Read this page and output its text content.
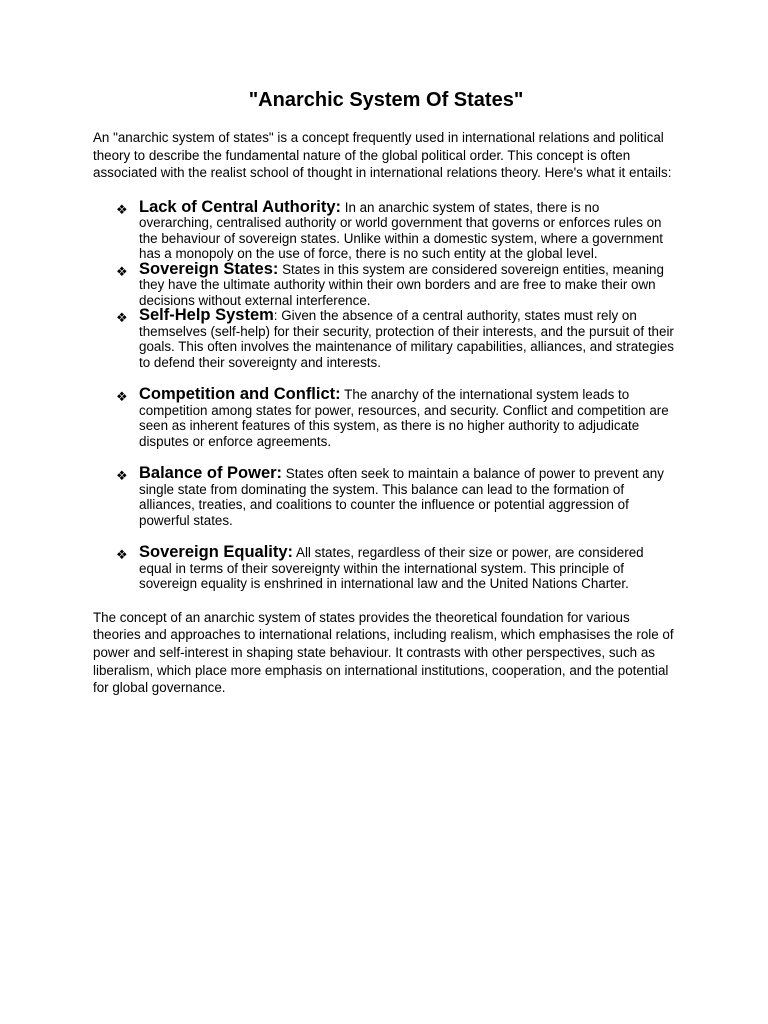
"Anarchic System Of States"

An "anarchic system of states" is a concept frequently used in international relations and political theory to describe the fundamental nature of the global political order. This concept is often associated with the realist school of thought in international relations theory. Here's what it entails:

❖ Lack of Central Authority: In an anarchic system of states, there is no overarching, centralised authority or world government that governs or enforces rules on the behaviour of sovereign states. Unlike within a domestic system, where a government has a monopoly on the use of force, there is no such entity at the global level.
❖ Sovereign States: States in this system are considered sovereign entities, meaning they have the ultimate authority within their own borders and are free to make their own decisions without external interference.
❖ Self-Help System: Given the absence of a central authority, states must rely on themselves (self-help) for their security, protection of their interests, and the pursuit of their goals. This often involves the maintenance of military capabilities, alliances, and strategies to defend their sovereignty and interests.
❖ Competition and Conflict: The anarchy of the international system leads to competition among states for power, resources, and security. Conflict and competition are seen as inherent features of this system, as there is no higher authority to adjudicate disputes or enforce agreements.
❖ Balance of Power: States often seek to maintain a balance of power to prevent any single state from dominating the system. This balance can lead to the formation of alliances, treaties, and coalitions to counter the influence or potential aggression of powerful states.
❖ Sovereign Equality: All states, regardless of their size or power, are considered equal in terms of their sovereignty within the international system. This principle of sovereign equality is enshrined in international law and the United Nations Charter.

The concept of an anarchic system of states provides the theoretical foundation for various theories and approaches to international relations, including realism, which emphasises the role of power and self-interest in shaping state behaviour. It contrasts with other perspectives, such as liberalism, which place more emphasis on international institutions, cooperation, and the potential for global governance.
